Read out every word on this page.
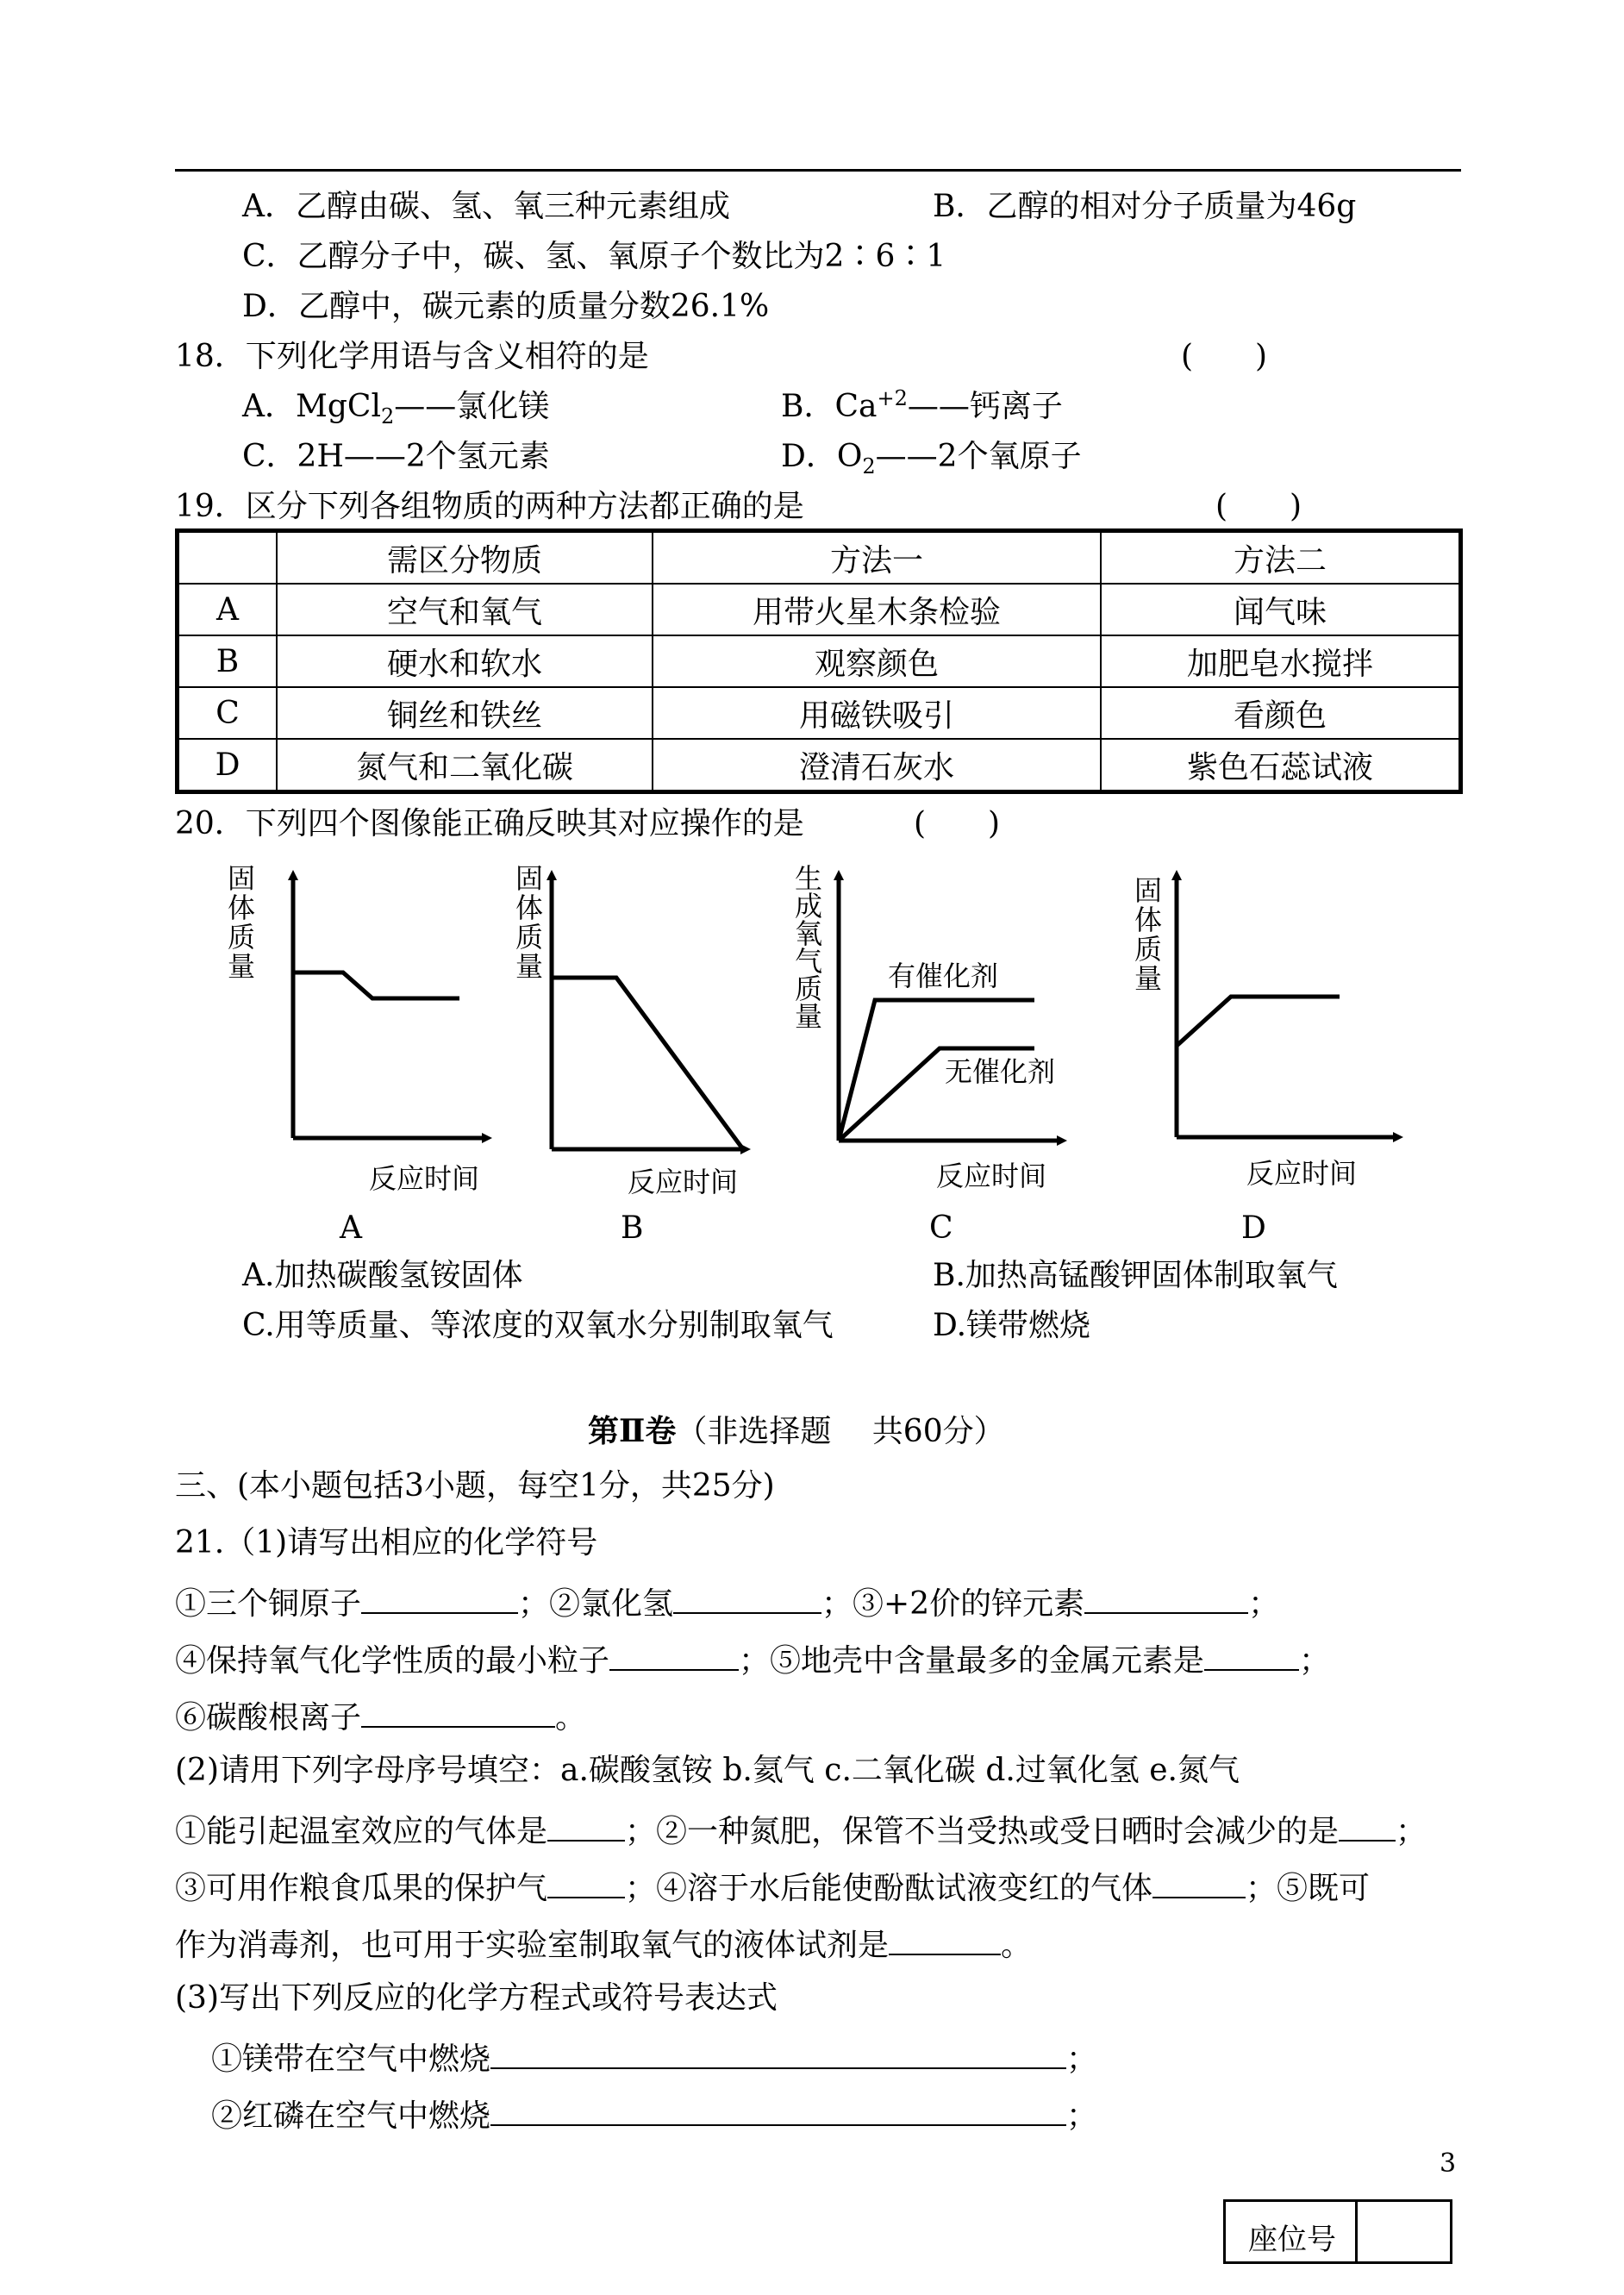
A．乙醇由碳、氢、氧三种元素组成	B．乙醇的相对分子质量为46g
C．乙醇分子中，碳、氢、氧原子个数比为2∶6∶1
D．乙醇中，碳元素的质量分数26.1%
18．下列化学用语与含义相符的是	(　　)
A．MgCl$_2$——氯化镁	B．$Ca^{+2}——$钙离子
C．2H——2个氢元素	D．$O_2——2$个氧原子
19．区分下列各组物质的两种方法都正确的是	(　　)
	需区分物质	方法一	方法二
A	空气和氧气	用带火星木条检验	闻气味
B	硬水和软水	观察颜色	加肥皂水搅拌
C	铜丝和铁丝	用磁铁吸引	看颜色
D	氮气和二氧化碳	澄清石灰水	紫色石蕊试液
20．下列四个图像能正确反映其对应操作的是	(　　)
固
体
质
量
反应时间
A
固
体
质
量
反应时间
B
生
成
氧
气
质
量
有催化剂
无催化剂
反应时间
C
固
体
质
量
反应时间
D
A.加热碳酸氢铵固体	B.加热高锰酸钾固体制取氧气
C.用等质量、等浓度的双氧水分别制取氧气	D.镁带燃烧
第Ⅱ卷（非选择题　 共60分）
三、(本小题包括3小题，每空1分，共25分)
21.（1)请写出相应的化学符号
①三个铜原子	；②氯化氢	；③+2价的锌元素	；
④保持氧气化学性质的最小粒子	；⑤地壳中含量最多的金属元素是	；
⑥碳酸根离子	。
(2)请用下列字母序号填空：a.碳酸氢铵 b.氦气 c.二氧化碳 d.过氧化氢 e.氮气
①能引起温室效应的气体是	；②一种氮肥，保管不当受热或受日晒时会减少的是 ；
③可用作粮食瓜果的保护气	；④溶于水后能使酚酞试液变红的气体	；⑤既可
作为消毒剂，也可用于实验室制取氧气的液体试剂是	。
(3)写出下列反应的化学方程式或符号表达式
①镁带在空气中燃烧	；
②红磷在空气中燃烧	；
3
座位号
